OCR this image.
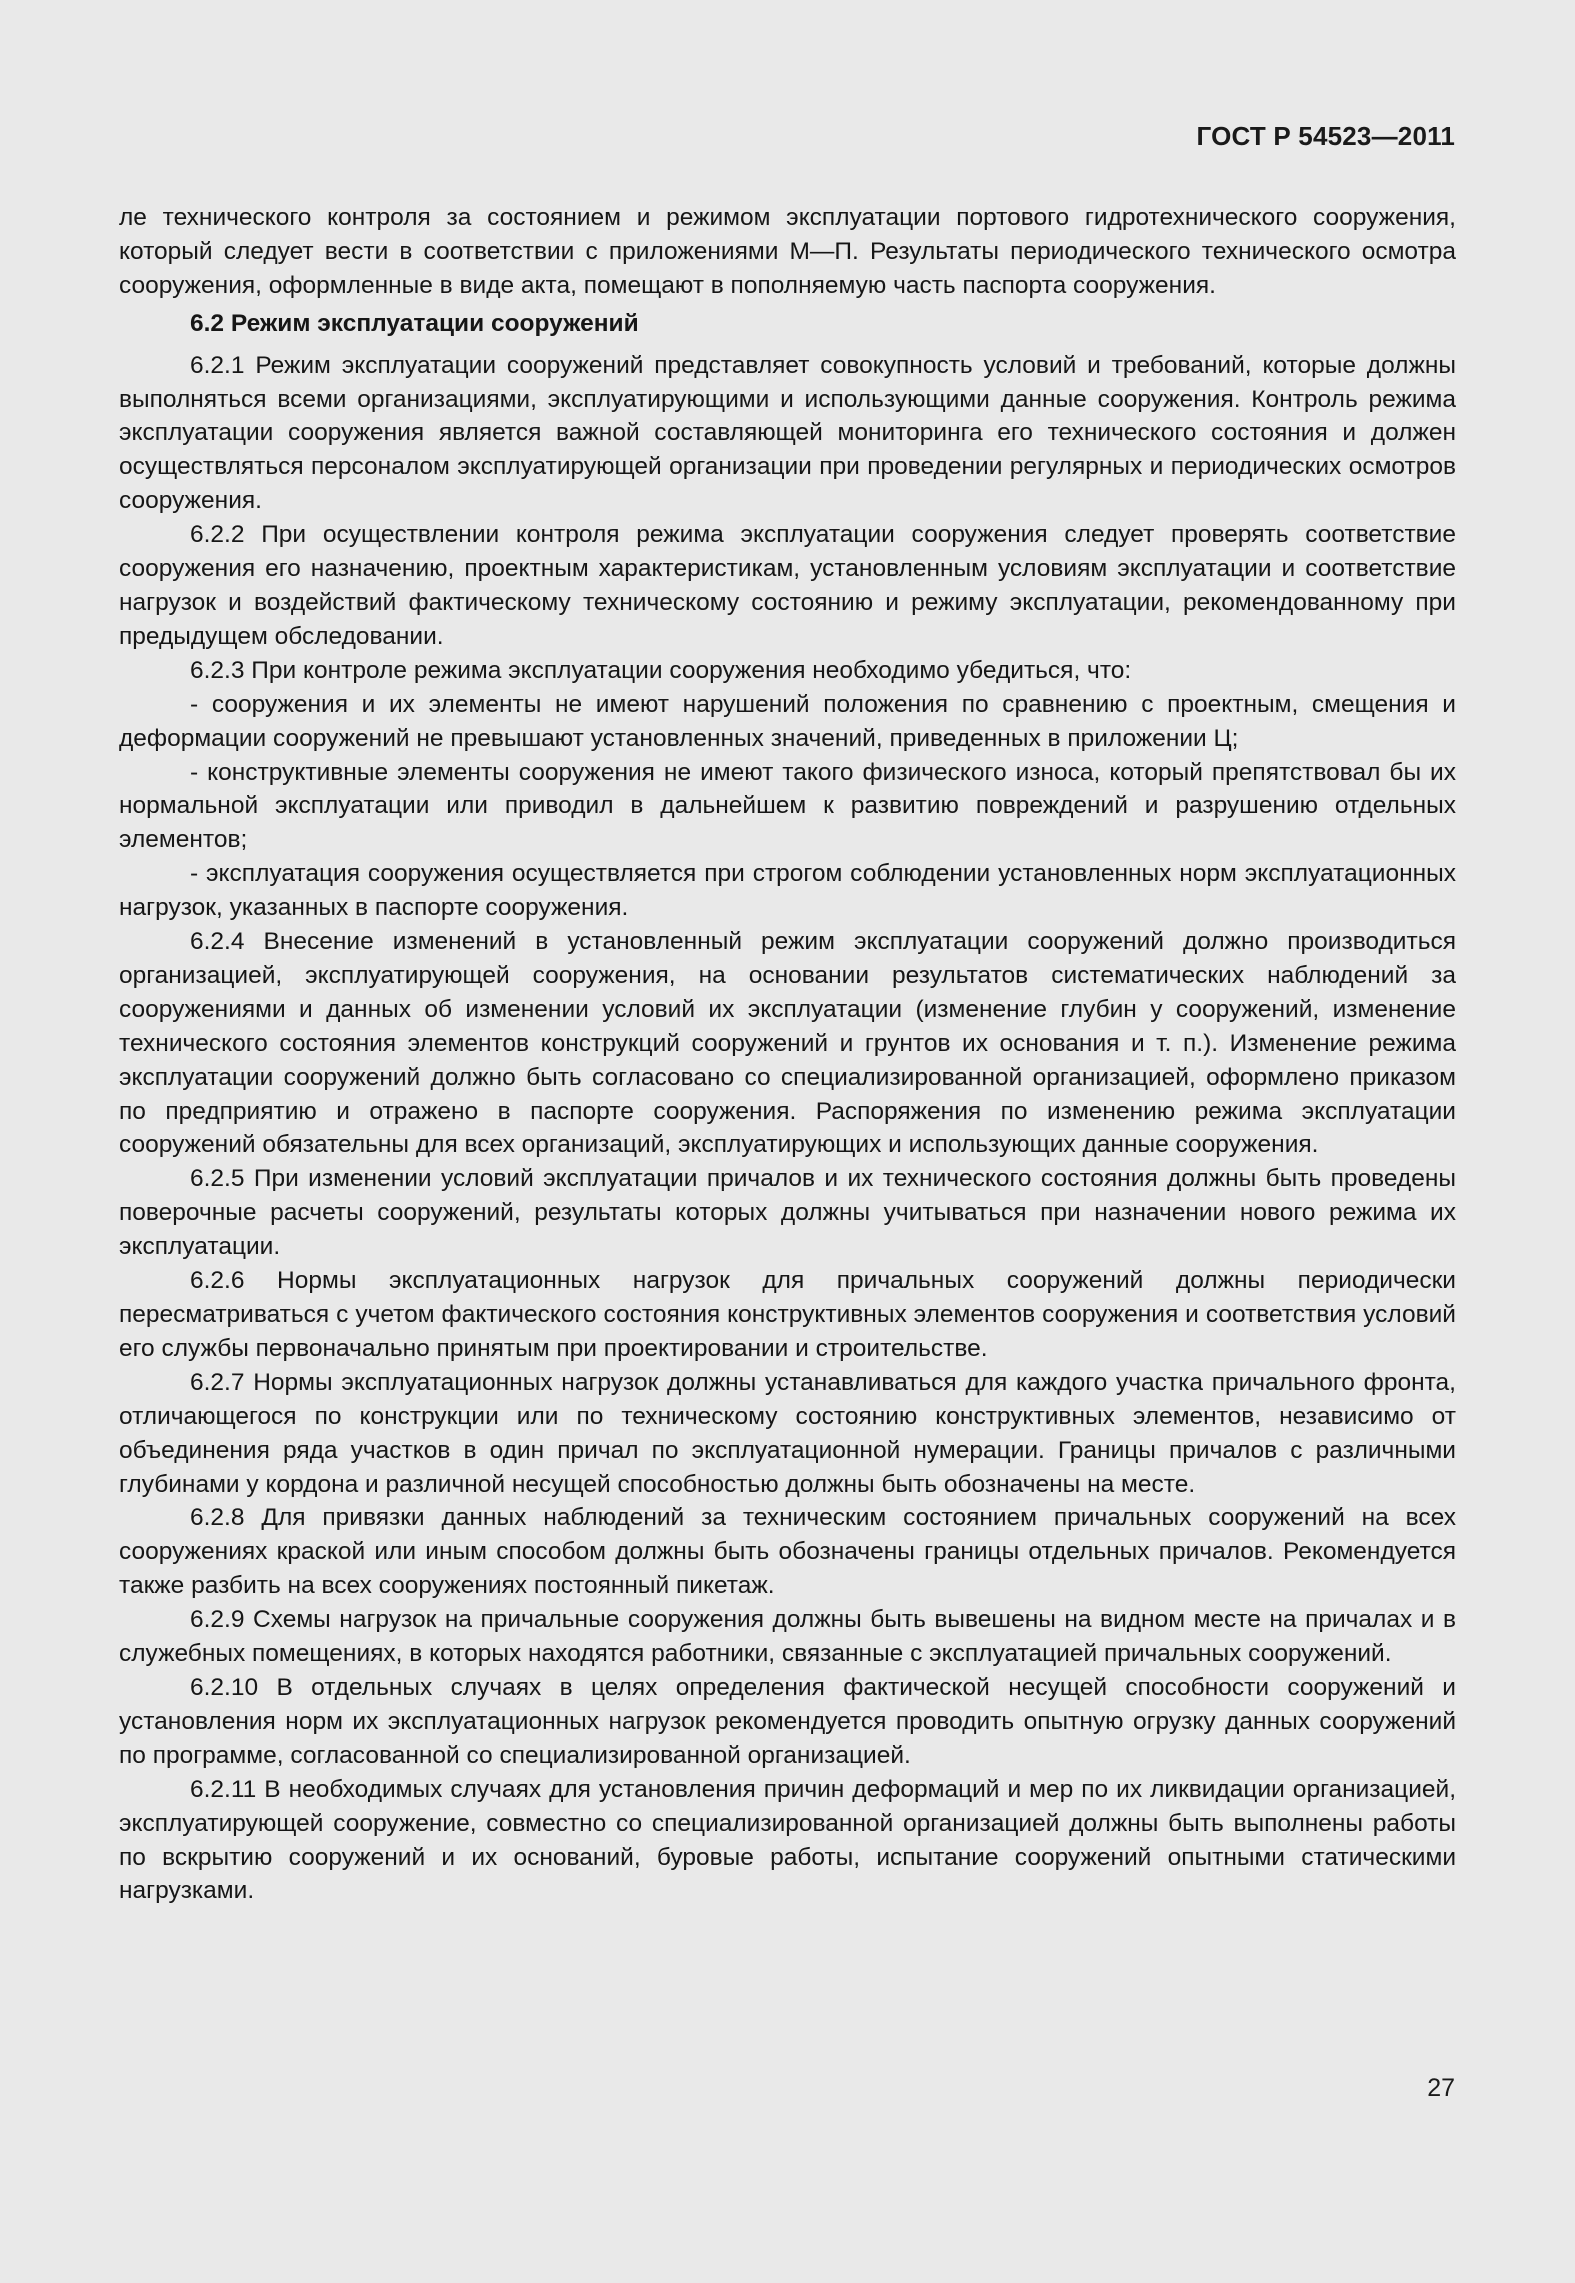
ГОСТ Р 54523—2011

ле технического контроля за состоянием и режимом эксплуатации портового гидротехнического сооружения, который следует вести в соответствии с приложениями М—П. Результаты периодического технического осмотра сооружения, оформленные в виде акта, помещают в пополняемую часть паспорта сооружения.

6.2 Режим эксплуатации сооружений

6.2.1 Режим эксплуатации сооружений представляет совокупность условий и требований, которые должны выполняться всеми организациями, эксплуатирующими и использующими данные сооружения. Контроль режима эксплуатации сооружения является важной составляющей мониторинга его технического состояния и должен осуществляться персоналом эксплуатирующей организации при проведении регулярных и периодических осмотров сооружения.

6.2.2 При осуществлении контроля режима эксплуатации сооружения следует проверять соответствие сооружения его назначению, проектным характеристикам, установленным условиям эксплуатации и соответствие нагрузок и воздействий фактическому техническому состоянию и режиму эксплуатации, рекомендованному при предыдущем обследовании.

6.2.3 При контроле режима эксплуатации сооружения необходимо убедиться, что:

- сооружения и их элементы не имеют нарушений положения по сравнению с проектным, смещения и деформации сооружений не превышают установленных значений, приведенных в приложении Ц;

- конструктивные элементы сооружения не имеют такого физического износа, который препятствовал бы их нормальной эксплуатации или приводил в дальнейшем к развитию повреждений и разрушению отдельных элементов;

- эксплуатация сооружения осуществляется при строгом соблюдении установленных норм эксплуатационных нагрузок, указанных в паспорте сооружения.

6.2.4 Внесение изменений в установленный режим эксплуатации сооружений должно производиться организацией, эксплуатирующей сооружения, на основании результатов систематических наблюдений за сооружениями и данных об изменении условий их эксплуатации (изменение глубин у сооружений, изменение технического состояния элементов конструкций сооружений и грунтов их основания и т. п.). Изменение режима эксплуатации сооружений должно быть согласовано со специализированной организацией, оформлено приказом по предприятию и отражено в паспорте сооружения. Распоряжения по изменению режима эксплуатации сооружений обязательны для всех организаций, эксплуатирующих и использующих данные сооружения.

6.2.5 При изменении условий эксплуатации причалов и их технического состояния должны быть проведены поверочные расчеты сооружений, результаты которых должны учитываться при назначении нового режима их эксплуатации.

6.2.6 Нормы эксплуатационных нагрузок для причальных сооружений должны периодически пересматриваться с учетом фактического состояния конструктивных элементов сооружения и соответствия условий его службы первоначально принятым при проектировании и строительстве.

6.2.7 Нормы эксплуатационных нагрузок должны устанавливаться для каждого участка причального фронта, отличающегося по конструкции или по техническому состоянию конструктивных элементов, независимо от объединения ряда участков в один причал по эксплуатационной нумерации. Границы причалов с различными глубинами у кордона и различной несущей способностью должны быть обозначены на месте.

6.2.8 Для привязки данных наблюдений за техническим состоянием причальных сооружений на всех сооружениях краской или иным способом должны быть обозначены границы отдельных причалов. Рекомендуется также разбить на всех сооружениях постоянный пикетаж.

6.2.9 Схемы нагрузок на причальные сооружения должны быть вывешены на видном месте на причалах и в служебных помещениях, в которых находятся работники, связанные с эксплуатацией причальных сооружений.

6.2.10 В отдельных случаях в целях определения фактической несущей способности сооружений и установления норм их эксплуатационных нагрузок рекомендуется проводить опытную огрузку данных сооружений по программе, согласованной со специализированной организацией.

6.2.11 В необходимых случаях для установления причин деформаций и мер по их ликвидации организацией, эксплуатирующей сооружение, совместно со специализированной организацией должны быть выполнены работы по вскрытию сооружений и их оснований, буровые работы, испытание сооружений опытными статическими нагрузками.

27
